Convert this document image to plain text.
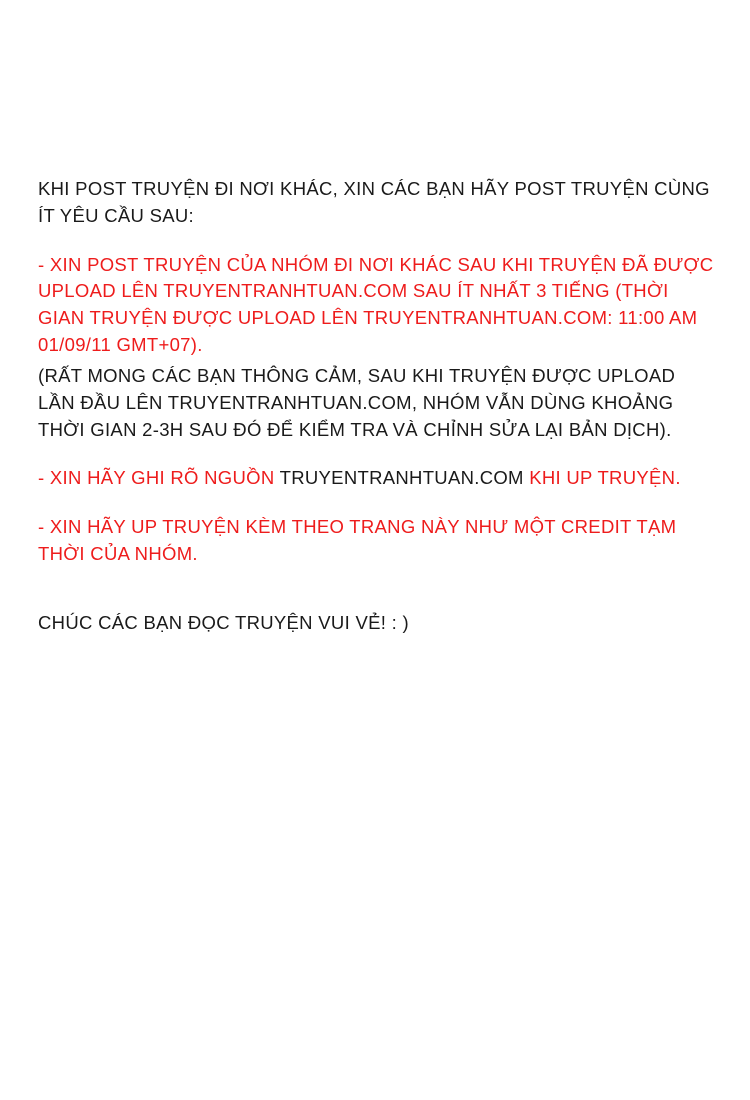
KHI POST TRUYỆN ĐI NƠI KHÁC, XIN CÁC BẠN HÃY POST TRUYỆN CÙNG ÍT YÊU CẦU SAU:

- XIN POST TRUYỆN CỦA NHÓM ĐI NƠI KHÁC SAU KHI TRUYỆN ĐÃ ĐƯỢC UPLOAD LÊN TRUYENTRANHTUAN.COM SAU ÍT NHẤT 3 TIẾNG (THỜI GIAN TRUYỆN ĐƯỢC UPLOAD LÊN TRUYENTRANHTUAN.COM: 11:00 AM 01/09/11 GMT+07).

(RẤT MONG CÁC BẠN THÔNG CẢM, SAU KHI TRUYỆN ĐƯỢC UPLOAD LẦN ĐẦU LÊN TRUYENTRANHTUAN.COM, NHÓM VẪN DÙNG KHOẢNG THỜI GIAN 2-3H SAU ĐÓ ĐỂ KIỂM TRA VÀ CHỈNH SỬA LẠI BẢN DỊCH).

- XIN HÃY GHI RÕ NGUỒN TRUYENTRANHTUAN.COM KHI UP TRUYỆN.

- XIN HÃY UP TRUYỆN KÈM THEO TRANG NÀY NHƯ MỘT CREDIT TẠM THỜI CỦA NHÓM.

CHÚC CÁC BẠN ĐỌC TRUYỆN VUI VẺ! : )
